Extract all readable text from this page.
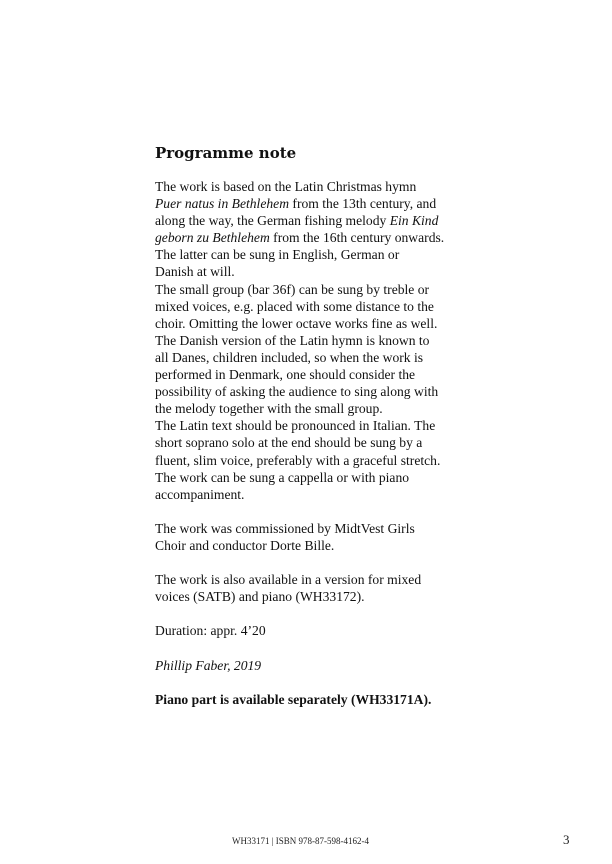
Programme note

The work is based on the Latin Christmas hymn

Puer natus in Bethlehem from the 13th century, and

along the way, the German fishing melody Ein Kind

geborn zu Bethlehem from the 16th century onwards.

The latter can be sung in English, German or

Danish at will.

The small group (bar 36f) can be sung by treble or

mixed voices, e.g. placed with some distance to the

choir. Omitting the lower octave works fine as well.

The Danish version of the Latin hymn is known to

all Danes, children included, so when the work is

performed in Denmark, one should consider the

possibility of asking the audience to sing along with

the melody together with the small group.

The Latin text should be pronounced in Italian. The

short soprano solo at the end should be sung by a

fluent, slim voice, preferably with a graceful stretch.

The work can be sung a cappella or with piano

accompaniment.

The work was commissioned by MidtVest Girls

Choir and conductor Dorte Bille.

The work is also available in a version for mixed

voices (SATB) and piano (WH33172).

Duration: appr. 4’20

Phillip Faber, 2019

Piano part is available separately (WH33171A).

WH33171 | ISBN 978-87-598-4162-4	3
